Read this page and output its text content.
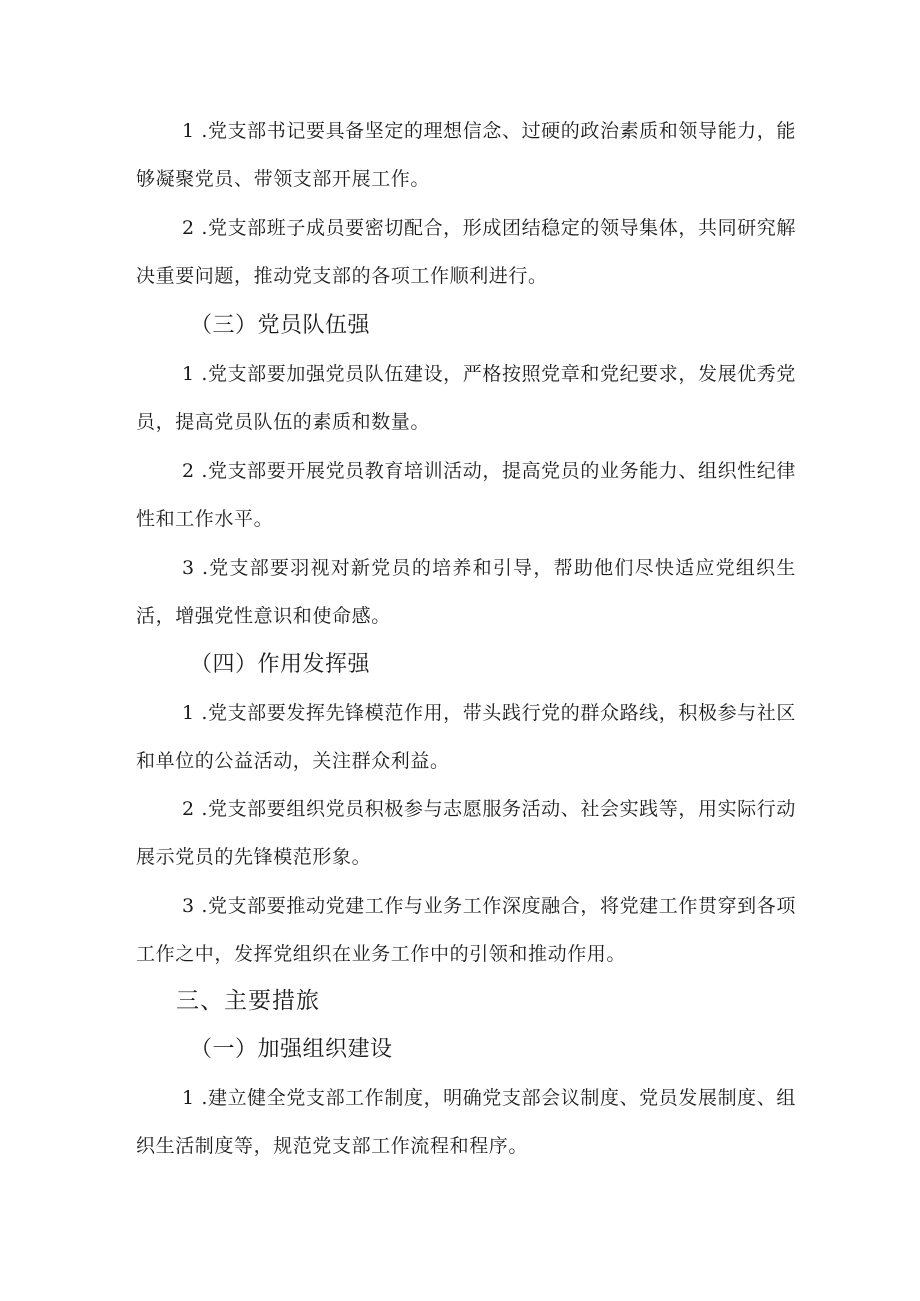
1 .党支部书记要具备坚定的理想信念、过硬的政治素质和领导能力，能够凝聚党员、带领支部开展工作。

2 .党支部班子成员要密切配合，形成团结稳定的领导集体，共同研究解决重要问题，推动党支部的各项工作顺利进行。

（三）党员队伍强

1 .党支部要加强党员队伍建设，严格按照党章和党纪要求，发展优秀党员，提高党员队伍的素质和数量。

2 .党支部要开展党员教育培训活动，提高党员的业务能力、组织性纪律性和工作水平。

3 .党支部要羽视对新党员的培养和引导，帮助他们尽快适应党组织生活，增强党性意识和使命感。

（四）作用发挥强

1 .党支部要发挥先锋模范作用，带头践行党的群众路线，积极参与社区和单位的公益活动，关注群众利益。

2 .党支部要组织党员积极参与志愿服务活动、社会实践等，用实际行动展示党员的先锋模范形象。

3 .党支部要推动党建工作与业务工作深度融合，将党建工作贯穿到各项工作之中，发挥党组织在业务工作中的引领和推动作用。

三、主要措旅
（一）加强组织建设

1 .建立健全党支部工作制度，明确党支部会议制度、党员发展制度、组织生活制度等，规范党支部工作流程和程序。
